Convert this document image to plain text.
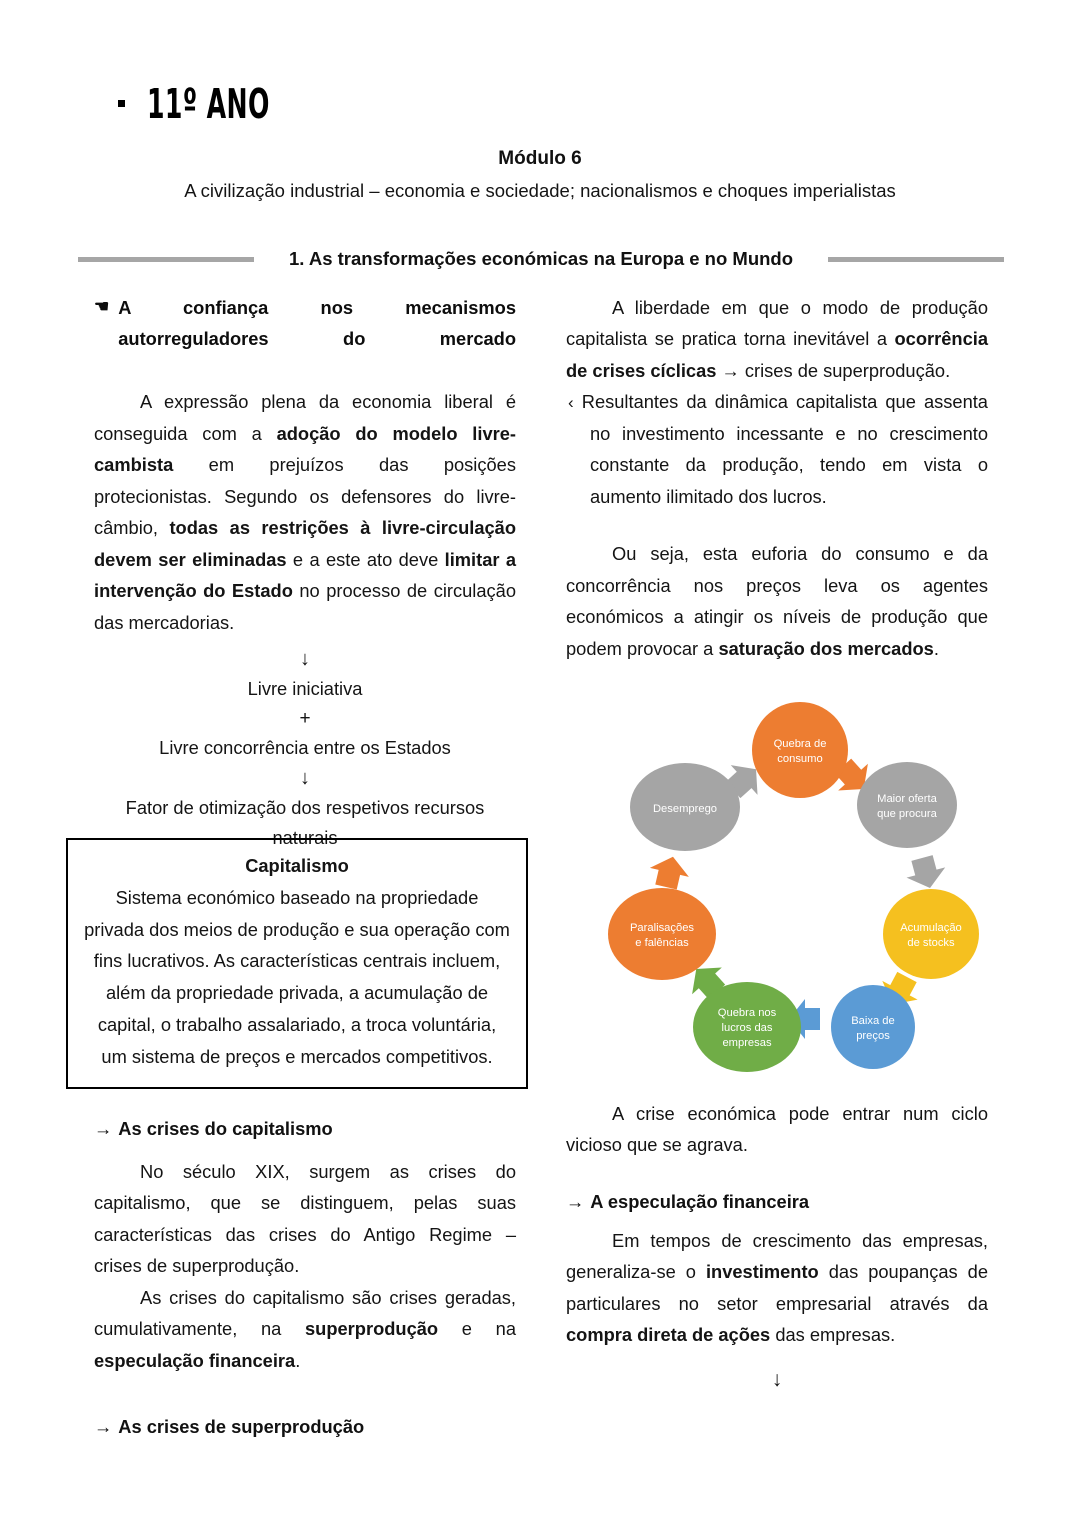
11º ANO
Módulo 6
A civilização industrial – economia e sociedade; nacionalismos e choques imperialistas
1. As transformações económicas na Europa e no Mundo
☚ A confiança nos mecanismos autorreguladores do mercado

A expressão plena da economia liberal é conseguida com a adoção do modelo livre-cambista em prejuízos das posições protecionistas. Segundo os defensores do livre-câmbio, todas as restrições à livre-circulação devem ser eliminadas e a este ato deve limitar a intervenção do Estado no processo de circulação das mercadorias.

↓
Livre iniciativa
+
Livre concorrência entre os Estados
↓
Fator de otimização dos respetivos recursos naturais
Capitalismo
Sistema económico baseado na propriedade privada dos meios de produção e sua operação com fins lucrativos. As características centrais incluem, além da propriedade privada, a acumulação de capital, o trabalho assalariado, a troca voluntária, um sistema de preços e mercados competitivos.

→ As crises do capitalismo

No século XIX, surgem as crises do capitalismo, que se distinguem, pelas suas características das crises do Antigo Regime – crises de superprodução.

As crises do capitalismo são crises geradas, cumulativamente, na superprodução e na especulação financeira.

→ As crises de superprodução

A liberdade em que o modo de produção capitalista se pratica torna inevitável a ocorrência de crises cíclicas → crises de superprodução.

‹ Resultantes da dinâmica capitalista que assenta no investimento incessante e no crescimento constante da produção, tendo em vista o aumento ilimitado dos lucros.

Ou seja, esta euforia do consumo e da concorrência nos preços leva os agentes económicos a atingir os níveis de produção que podem provocar a saturação dos mercados.

Quebra de
consumo
Maior oferta
que procura
Acumulação
de stocks
Baixa de
preços
Quebra nos
lucros das
empresas
Paralisações
e falências
Desemprego

A crise económica pode entrar num ciclo vicioso que se agrava.

→ A especulação financeira

Em tempos de crescimento das empresas, generaliza-se o investimento das poupanças de particulares no setor empresarial através da compra direta de ações das empresas.

↓
